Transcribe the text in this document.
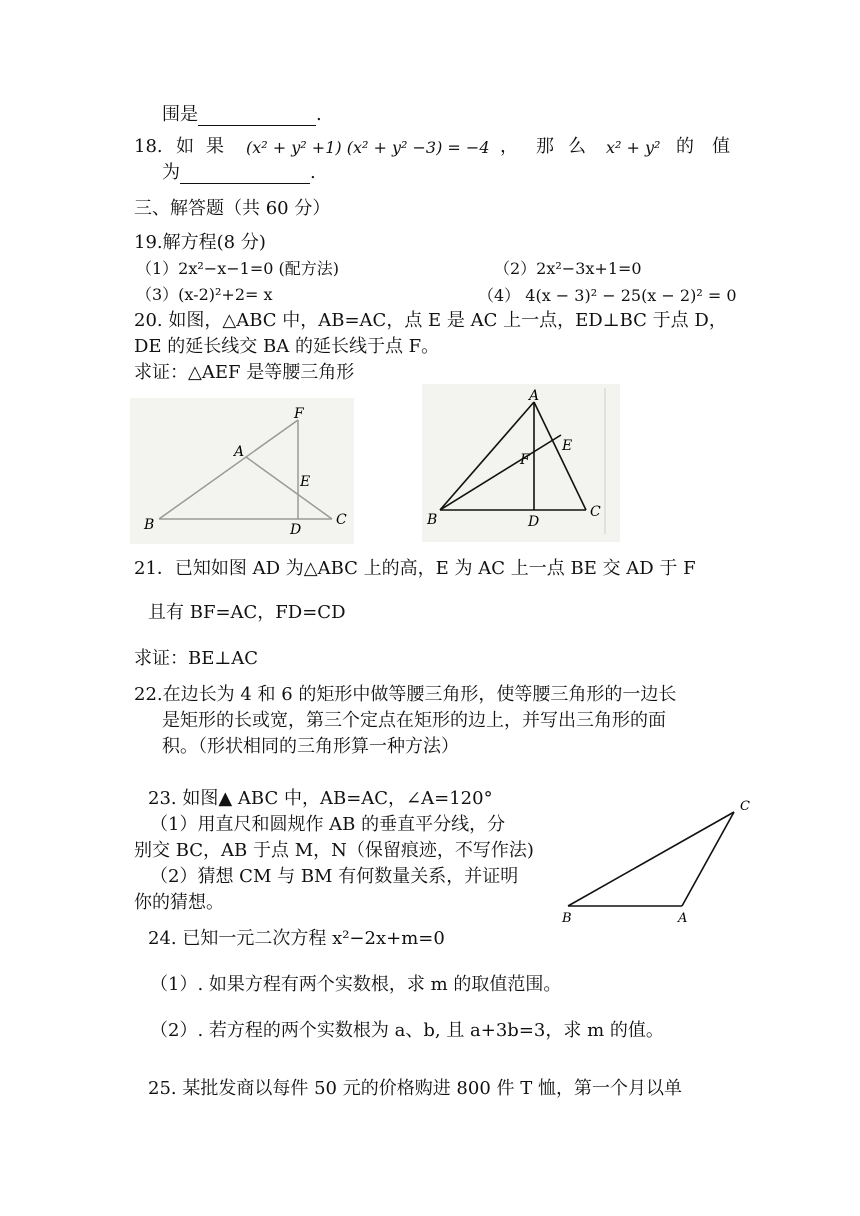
围是	.
18. 如 果 (x² + y² +1) (x² + y² −3) = −4 ， 那 么 x² + y² 的 值
为	.
三、解答题（共 60 分）
19.解方程(8 分)
（1）2x²−x−1=0 (配方法)	（2）2x²−3x+1=0
（3）(x-2)²+2= x	（4） 4(x − 3)² − 25(x − 2)² = 0
20. 如图，△ABC 中，AB=AC，点 E 是 AC 上一点，ED⊥BC 于点 D，
DE 的延长线交 BA 的延长线于点 F。
求证：△AEF 是等腰三角形
F
A
E
B	D
C
A
E
F
B	D
C
21．已知如图 AD 为△ABC 上的高，E 为 AC 上一点 BE 交 AD 于 F
且有 BF=AC，FD=CD
求证：BE⊥AC
22.在边长为 4 和 6 的矩形中做等腰三角形，使等腰三角形的一边长
是矩形的长或宽，第三个定点在矩形的边上，并写出三角形的面
积。（形状相同的三角形算一种方法）
23. 如图▲ ABC 中，AB=AC，∠A=120°
（1）用直尺和圆规作 AB 的垂直平分线，分
别交 BC，AB 于点 M，N（保留痕迹，不写作法)
（2）猜想 CM 与 BM 有何数量关系，并证明
你的猜想。
C
B	A
24. 已知一元二次方程 x²−2x+m=0
（1）. 如果方程有两个实数根，求 m 的取值范围。
（2）. 若方程的两个实数根为 a、b, 且 a+3b=3，求 m 的值。
25. 某批发商以每件 50 元的价格购进 800 件 T 恤，第一个月以单
